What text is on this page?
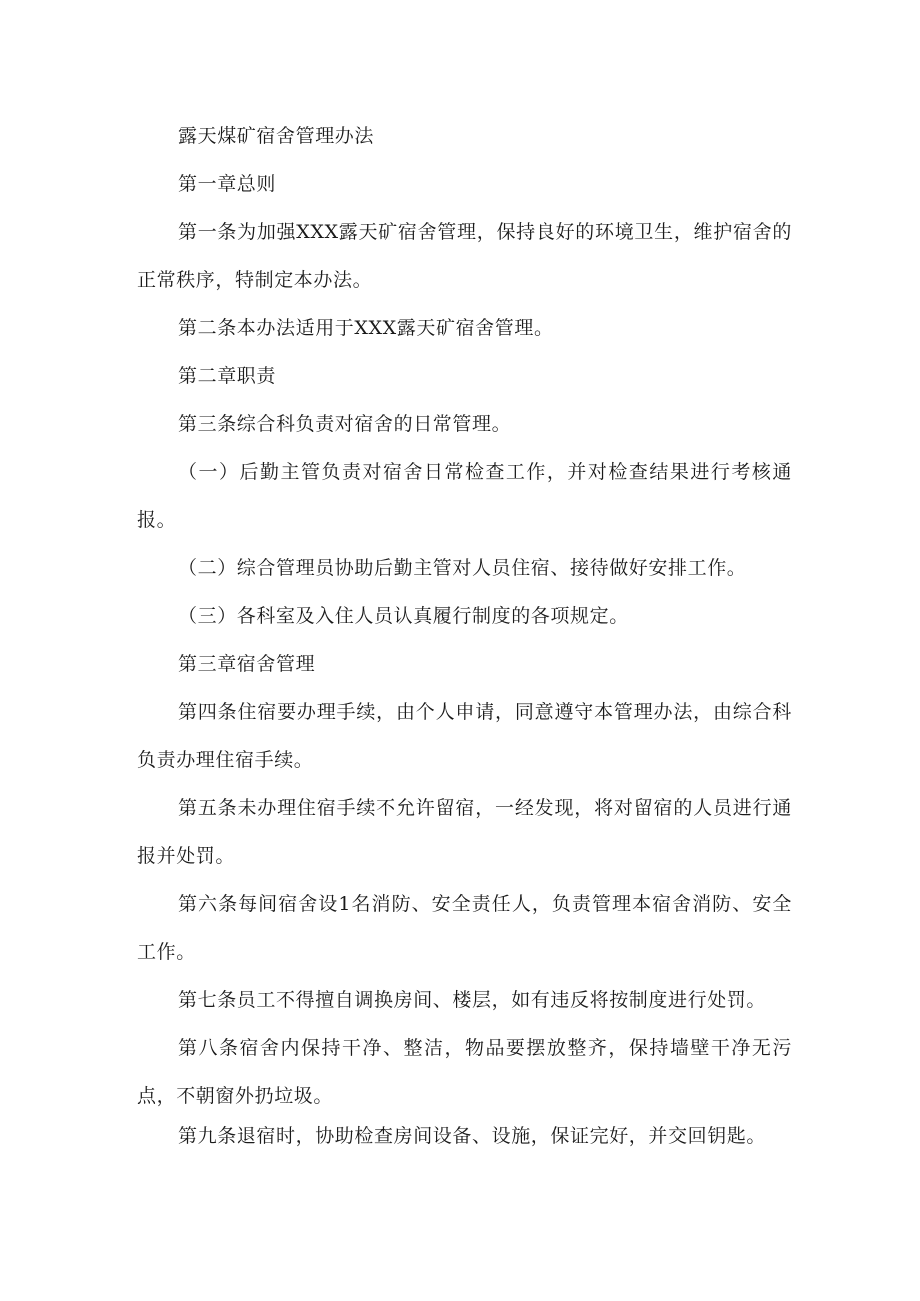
露天煤矿宿舍管理办法

第一章总则

第一条为加强XXX露天矿宿舍管理，保持良好的环境卫生，维护宿舍的正常秩序，特制定本办法。

第二条本办法适用于XXX露天矿宿舍管理。

第二章职责

第三条综合科负责对宿舍的日常管理。

（一）后勤主管负责对宿舍日常检查工作，并对检查结果进行考核通报。

（二）综合管理员协助后勤主管对人员住宿、接待做好安排工作。

（三）各科室及入住人员认真履行制度的各项规定。

第三章宿舍管理

第四条住宿要办理手续，由个人申请，同意遵守本管理办法，由综合科负责办理住宿手续。

第五条未办理住宿手续不允许留宿，一经发现，将对留宿的人员进行通报并处罚。

第六条每间宿舍设1名消防、安全责任人，负责管理本宿舍消防、安全工作。

第七条员工不得擅自调换房间、楼层，如有违反将按制度进行处罚。

第八条宿舍内保持干净、整洁，物品要摆放整齐，保持墙壁干净无污点，不朝窗外扔垃圾。

第九条退宿时，协助检查房间设备、设施，保证完好，并交回钥匙。
